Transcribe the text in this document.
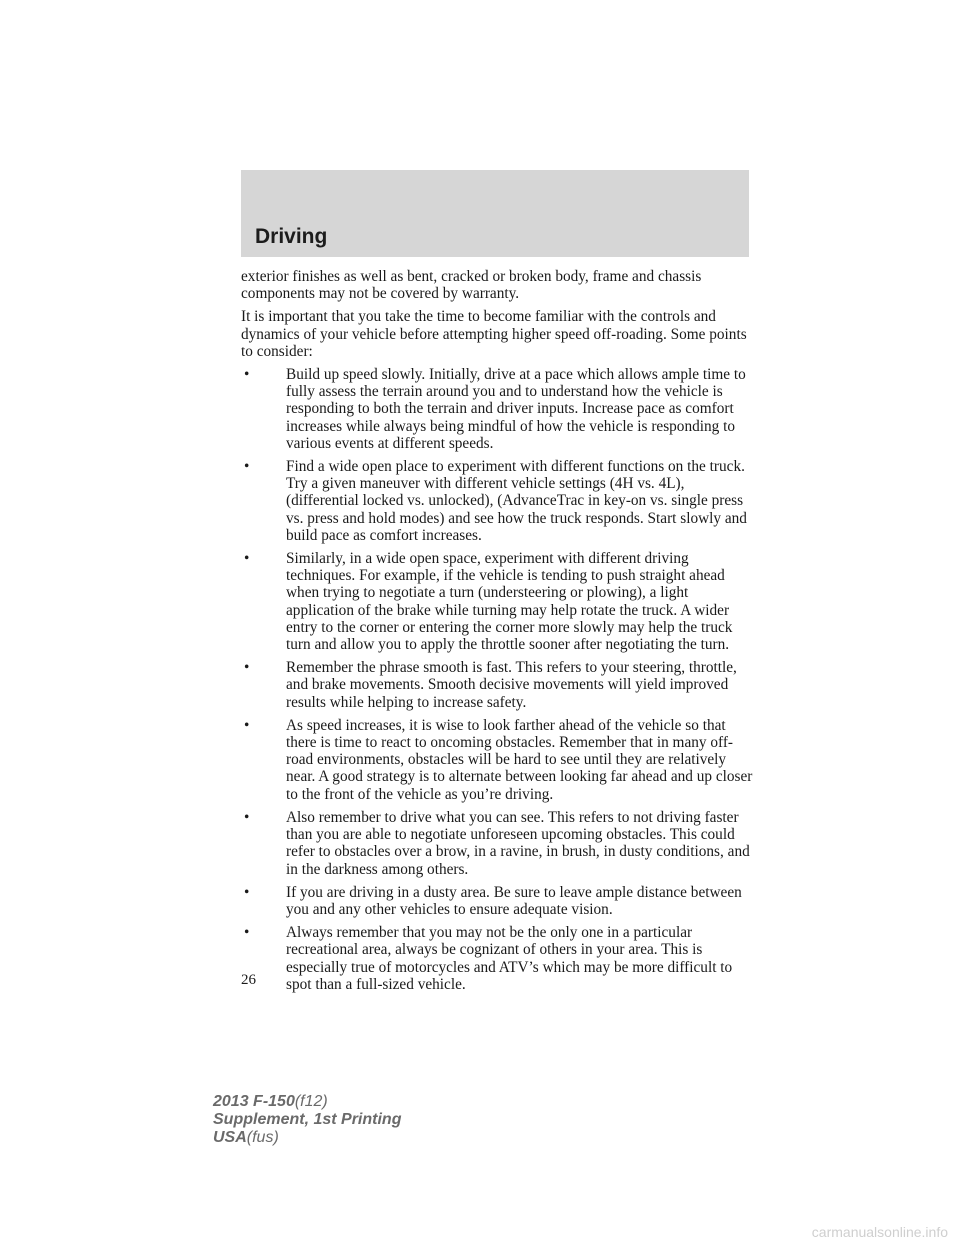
Driving

exterior finishes as well as bent, cracked or broken body, frame and chassis components may not be covered by warranty.

It is important that you take the time to become familiar with the controls and dynamics of your vehicle before attempting higher speed off-roading. Some points to consider:

• Build up speed slowly. Initially, drive at a pace which allows ample time to fully assess the terrain around you and to understand how the vehicle is responding to both the terrain and driver inputs. Increase pace as comfort increases while always being mindful of how the vehicle is responding to various events at different speeds.
• Find a wide open place to experiment with different functions on the truck. Try a given maneuver with different vehicle settings (4H vs. 4L), (differential locked vs. unlocked), (AdvanceTrac in key-on vs. single press vs. press and hold modes) and see how the truck responds. Start slowly and build pace as comfort increases.
• Similarly, in a wide open space, experiment with different driving techniques. For example, if the vehicle is tending to push straight ahead when trying to negotiate a turn (understeering or plowing), a light application of the brake while turning may help rotate the truck. A wider entry to the corner or entering the corner more slowly may help the truck turn and allow you to apply the throttle sooner after negotiating the turn.
• Remember the phrase smooth is fast. This refers to your steering, throttle, and brake movements. Smooth decisive movements will yield improved results while helping to increase safety.
• As speed increases, it is wise to look farther ahead of the vehicle so that there is time to react to oncoming obstacles. Remember that in many off-road environments, obstacles will be hard to see until they are relatively near. A good strategy is to alternate between looking far ahead and up closer to the front of the vehicle as you’re driving.
• Also remember to drive what you can see. This refers to not driving faster than you are able to negotiate unforeseen upcoming obstacles. This could refer to obstacles over a brow, in a ravine, in brush, in dusty conditions, and in the darkness among others.
• If you are driving in a dusty area. Be sure to leave ample distance between you and any other vehicles to ensure adequate vision.
• Always remember that you may not be the only one in a particular recreational area, always be cognizant of others in your area. This is especially true of motorcycles and ATV’s which may be more difficult to spot than a full-sized vehicle.
26
2013 F-150(f12)
Supplement, 1st Printing
USA(fus)
carmanualsonline.info
